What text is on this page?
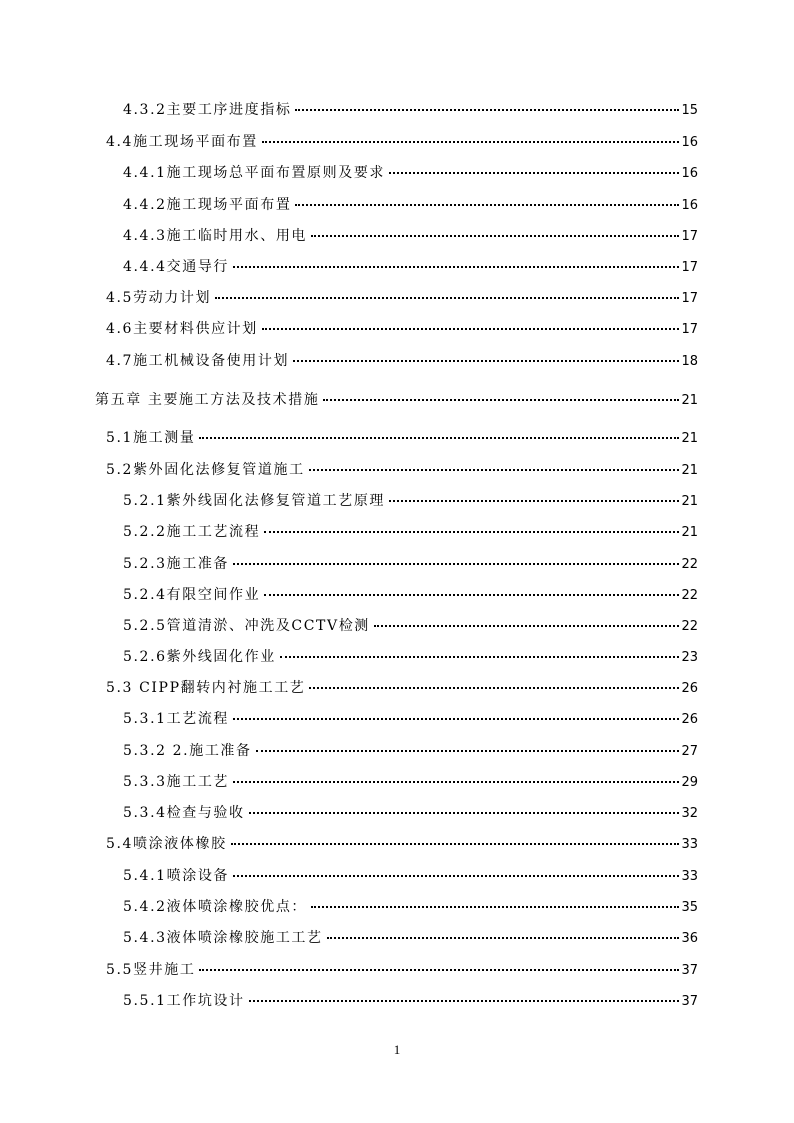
4.3.2主要工序进度指标	15
4.4施工现场平面布置	16
4.4.1施工现场总平面布置原则及要求	16
4.4.2施工现场平面布置	16
4.4.3施工临时用水、用电	17
4.4.4交通导行	17
4.5劳动力计划	17
4.6主要材料供应计划	17
4.7施工机械设备使用计划	18
第五章 主要施工方法及技术措施	21
5.1施工测量	21
5.2紫外固化法修复管道施工	21
5.2.1紫外线固化法修复管道工艺原理	21
5.2.2施工工艺流程	21
5.2.3施工准备	22
5.2.4有限空间作业	22
5.2.5管道清淤、冲洗及CCTV检测	22
5.2.6紫外线固化作业	23
5.3 CIPP翻转内衬施工工艺	26
5.3.1工艺流程	26
5.3.2 2.施工准备	27
5.3.3施工工艺	29
5.3.4检查与验收	32
5.4喷涂液体橡胶	33
5.4.1喷涂设备	33
5.4.2液体喷涂橡胶优点：	35
5.4.3液体喷涂橡胶施工工艺	36
5.5竖井施工	37
5.5.1工作坑设计	37
1
